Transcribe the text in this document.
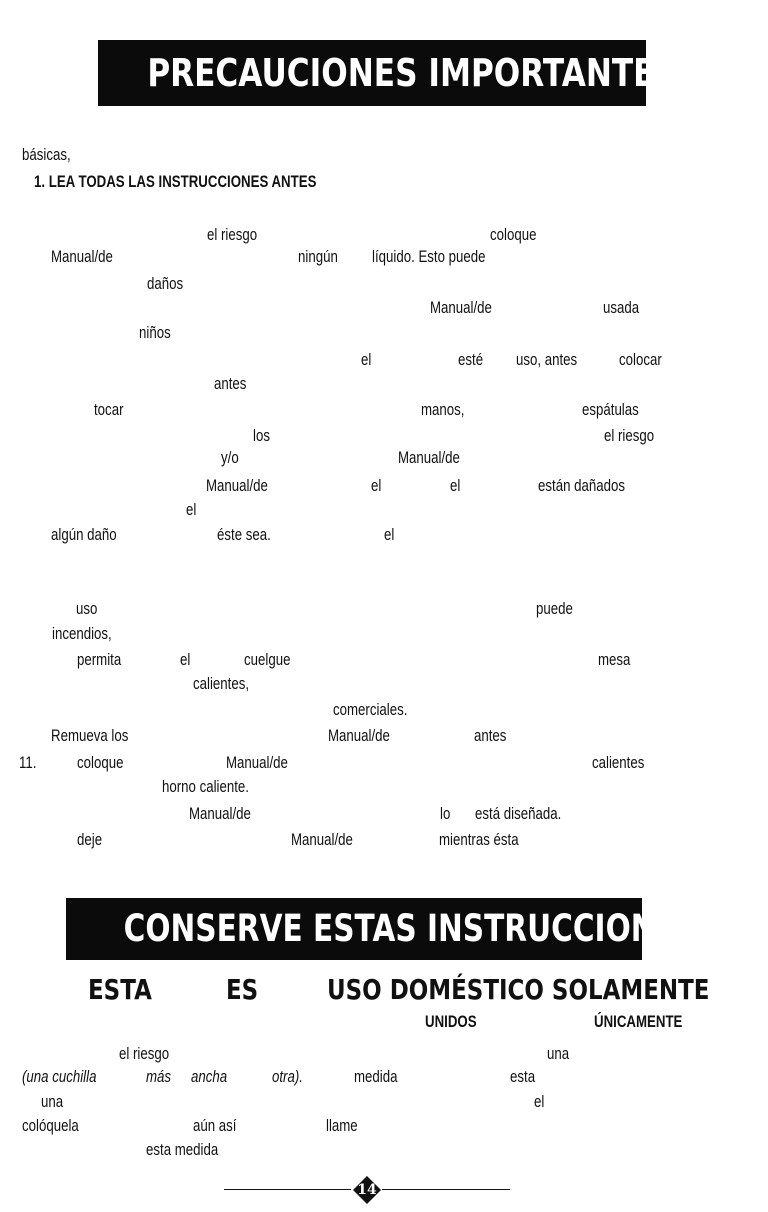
PRECAUCIONES IMPORTANTES
básicas,
1. LEA TODAS LAS INSTRUCCIONES ANTES
el riesgo	coloque
Manual/de	ningún líquido. Esto puede
daños
Manual/de	usada
niños
el	esté uso, antes colocar
antes
tocar	manos,	espátulas
los	el riesgo
y/o	Manual/de
Manual/de	el	el	están dañados
el
algún daño	éste sea.	el
uso	puede
incendios,
permita	el	cuelgue	mesa
calientes,
comerciales.
Remueva los	Manual/de	antes
11. coloque	Manual/de	calientes
horno caliente.
Manual/de	lo está diseñada.
deje	Manual/de	mientras ésta
CONSERVE ESTAS INSTRUCCIONES
ESTA	ES USO DOMÉSTICO SOLAMENTE
UNIDOS	ÚNICAMENTE
el riesgo	una
(una cuchilla	más ancha	otra).	medida	esta
una	el
colóquela	aún así	llame
esta medida
14
